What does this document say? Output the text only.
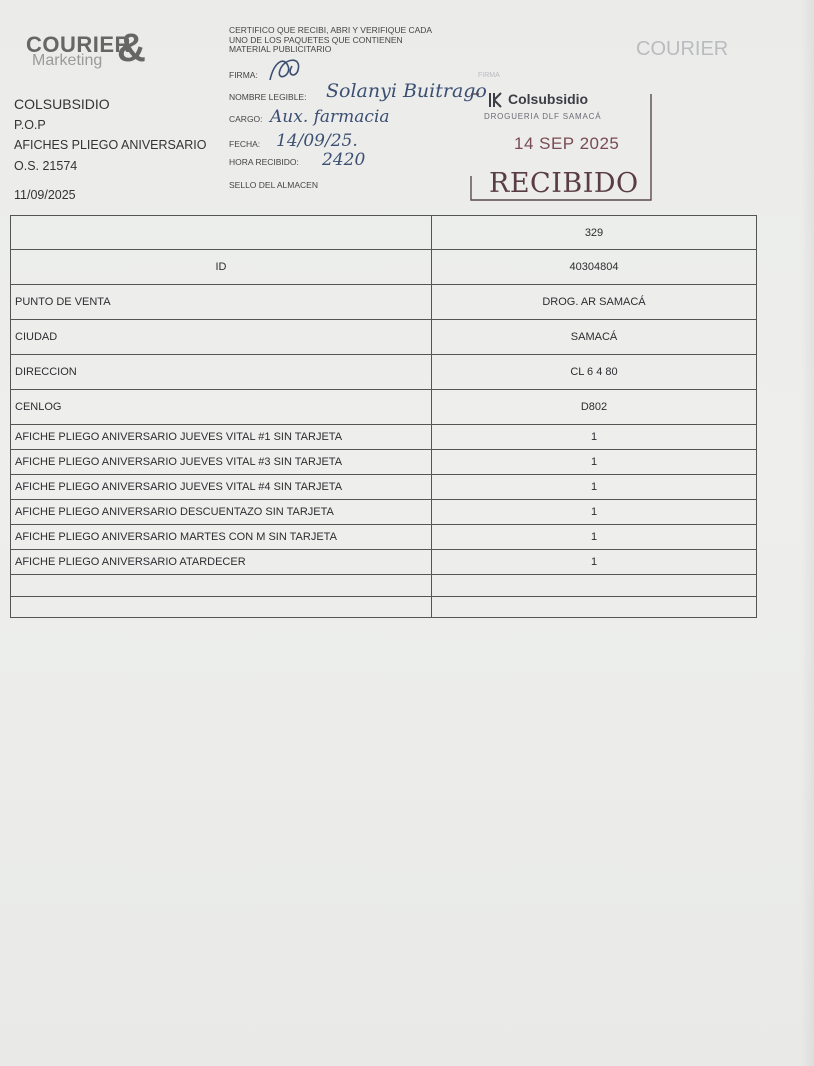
COURIER
Marketing &
COLSUBSIDIO
P.O.P
AFICHES PLIEGO ANIVERSARIO
O.S. 21574
11/09/2025
CERTIFICO QUE RECIBI, ABRI Y VERIFIQUE CADA UNO DE LOS PAQUETES QUE CONTIENEN MATERIAL PUBLICITARIO
FIRMA:
NOMBRE LEGIBLE: Solanyi Buitrago
CARGO: Aux. farmacia
FECHA: 14/09/25.
HORA RECIBIDO: 2420
SELLO DEL ALMACEN
FIRMA
COURIER
Colsubsidio
DROGUERIA DLF SAMACÁ
14 SEP 2025
RECIBIDO
	329
ID	40304804
PUNTO DE VENTA	DROG. AR SAMACÁ
CIUDAD	SAMACÁ
DIRECCION	CL 6 4 80
CENLOG	D802
AFICHE PLIEGO ANIVERSARIO JUEVES VITAL #1 SIN TARJETA	1
AFICHE PLIEGO ANIVERSARIO JUEVES VITAL #3 SIN TARJETA	1
AFICHE PLIEGO ANIVERSARIO JUEVES VITAL #4 SIN TARJETA	1
AFICHE PLIEGO ANIVERSARIO DESCUENTAZO SIN TARJETA	1
AFICHE PLIEGO ANIVERSARIO MARTES CON M SIN TARJETA	1
AFICHE PLIEGO ANIVERSARIO ATARDECER	1
